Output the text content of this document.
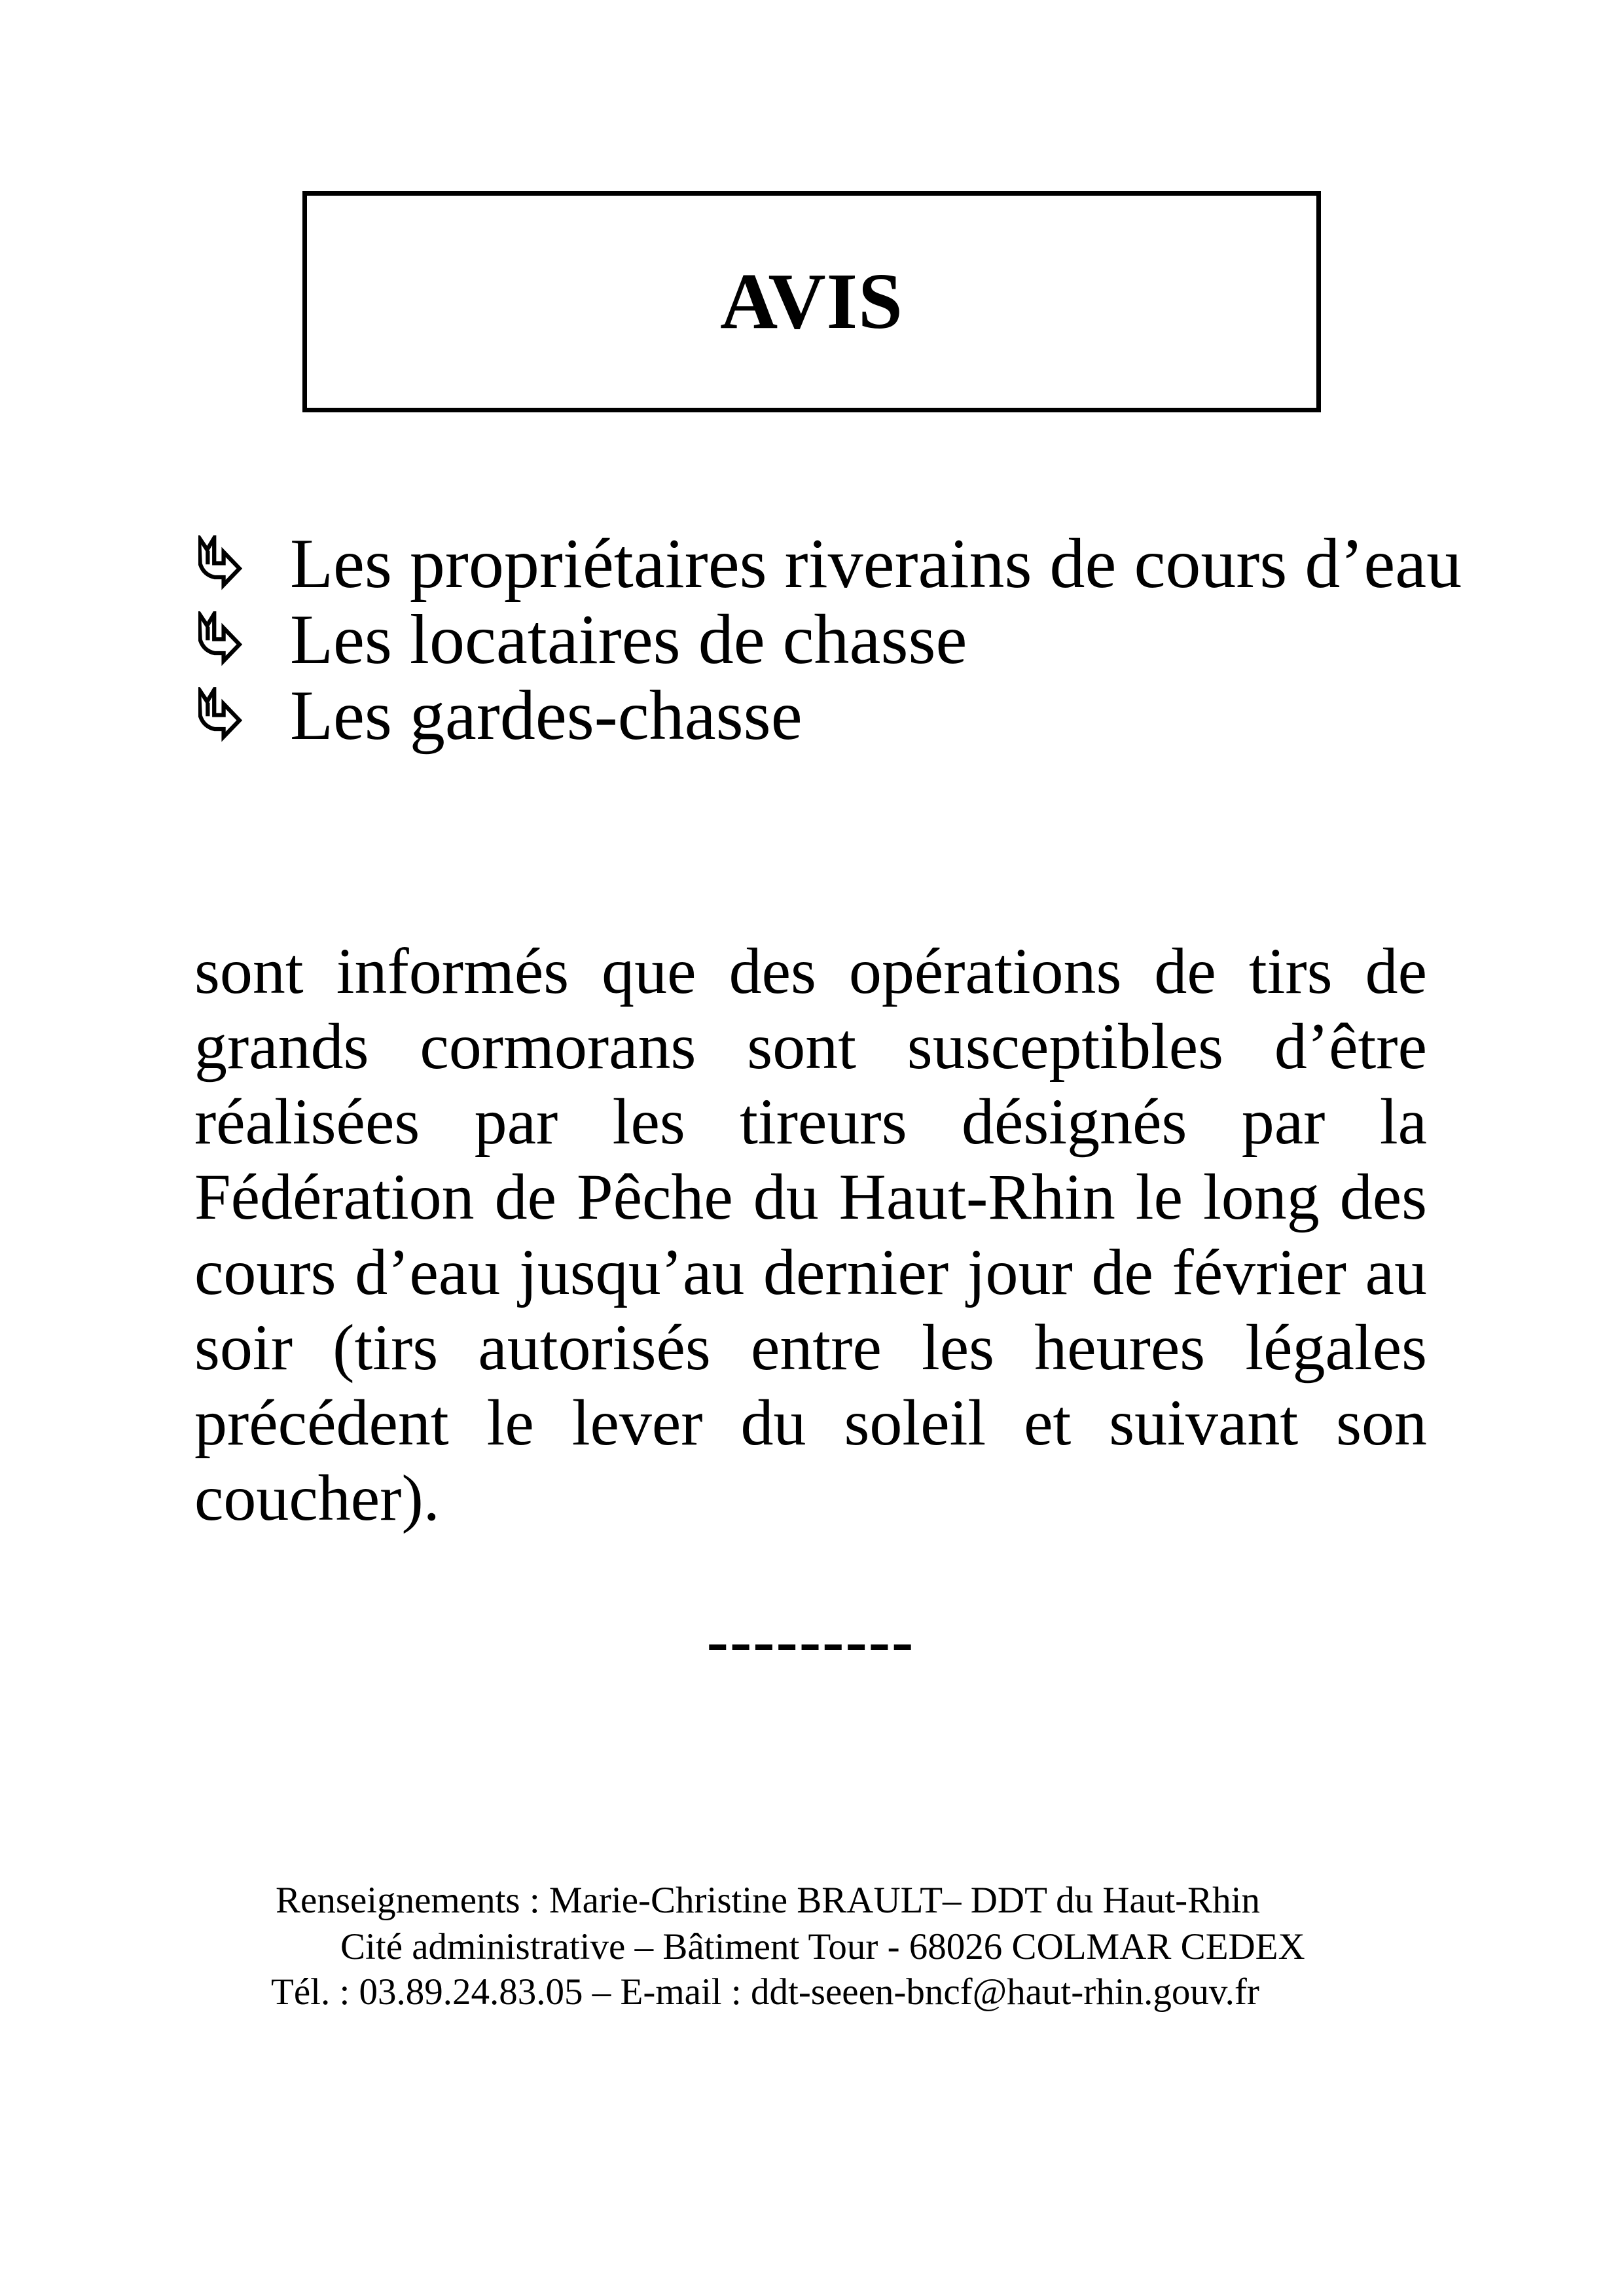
AVIS
Les propriétaires riverains de cours d’eau
Les locataires de chasse
Les gardes-chasse
sont informés que des opérations de tirs de
grands cormorans sont susceptibles d’être
réalisées par les tireurs désignés par la
Fédération de Pêche du Haut-Rhin le long des
cours d’eau jusqu’au dernier jour de février au
soir (tirs autorisés entre les heures légales
précédent le lever du soleil et suivant son
coucher).
---------
Renseignements : Marie-Christine BRAULT– DDT du Haut-Rhin
Cité administrative – Bâtiment Tour - 68026 COLMAR CEDEX
Tél. : 03.89.24.83.05 – E-mail : ddt-seeen-bncf@haut-rhin.gouv.fr
